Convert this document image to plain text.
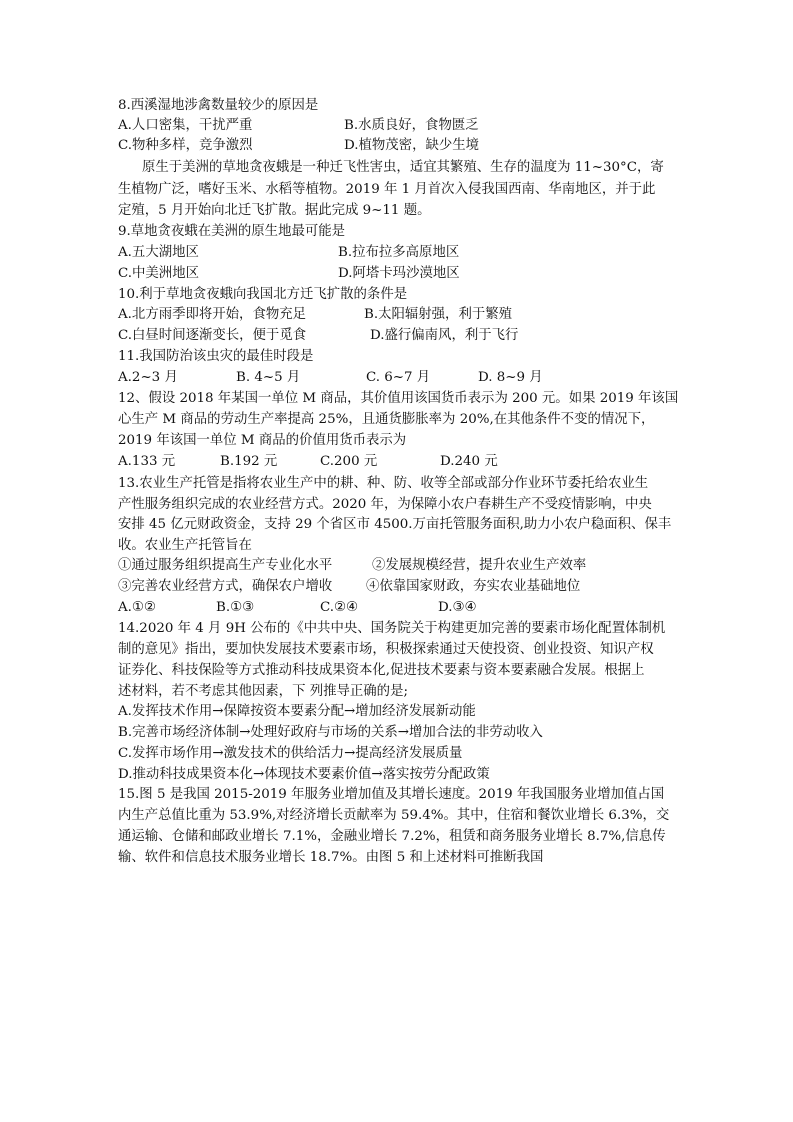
8.西溪湿地涉禽数量较少的原因是
A.人口密集，干扰严重	B.水质良好，食物匮乏
C.物种多样，竞争激烈	D.植物茂密，缺少生境
原生于美洲的草地贪夜蛾是一种迁飞性害虫，适宜其繁殖、生存的温度为 11~30°C，寄
生植物广泛，嗜好玉米、水稻等植物。2019 年 1 月首次入侵我国西南、华南地区，并于此
定殖，5 月开始向北迁飞扩散。据此完成 9~11 题。
9.草地贪夜蛾在美洲的原生地最可能是
A.五大湖地区	B.拉布拉多高原地区
C.中美洲地区	D.阿塔卡玛沙漠地区
10.利于草地贪夜蛾向我国北方迁飞扩散的条件是
A.北方雨季即将开始，食物充足	B.太阳辐射强，利于繁殖
C.白昼时间逐渐变长，便于觅食	D.盛行偏南风，利于飞行
11.我国防治该虫灾的最佳时段是
A.2~3 月	B. 4~5 月	C. 6~7 月	D. 8~9 月
12、假设 2018 年某国一单位 M 商品，其价值用该国货币表示为 200 元。如果 2019 年该国
心生产 M 商品的劳动生产率提高 25%，且通货膨胀率为 20%,在其他条件不变的情况下，
2019 年该国一单位 M 商品的价值用货币表示为
A.133 元	B.192 元	C.200 元	D.240 元
13.农业生产托管是指将农业生产中的耕、种、防、收等全部或部分作业环节委托给农业生
产性服务组织完成的农业经营方式。2020 年，为保障小农户春耕生产不受疫情影响，中央
安排 45 亿元财政资金，支持 29 个省区市 4500.万亩托管服务面积,助力小农户稳面积、保丰
收。农业生产托管旨在
①通过服务组织提高生产专业化水平	②发展规模经营，提升农业生产效率
③完善农业经营方式，确保农户增收	④依靠国家财政，夯实农业基础地位
A.①②	B.①③	C.②④	D.③④
14.2020 年 4 月 9H 公布的《中共中央、国务院关于构建更加完善的要素市场化配置体制机
制的意见》指出，要加快发展技术要素市场，积极探索通过天使投资、创业投资、知识产权
证券化、科技保险等方式推动科技成果资本化,促进技术要素与资本要素融合发展。根据上
述材料，若不考虑其他因素，下 列推导正确的是;
A.发挥技术作用→保障按资本要素分配→增加经济发展新动能
B.完善市场经济体制→处理好政府与市场的关系→增加合法的非劳动收入
C.发挥市场作用→激发技术的供给活力→提高经济发展质量
D.推动科技成果资本化→体现技术要素价值→落实按劳分配政策
15.图 5 是我国 2015-2019 年服务业增加值及其增长速度。2019 年我国服务业增加值占国
内生产总值比重为 53.9%,对经济增长贡献率为 59.4%。其中，住宿和餐饮业增长 6.3%，交
通运输、仓储和邮政业增长 7.1%，金融业增长 7.2%，租赁和商务服务业增长 8.7%,信息传
输、软件和信息技术服务业增长 18.7%。由图 5 和上述材料可推断我国
